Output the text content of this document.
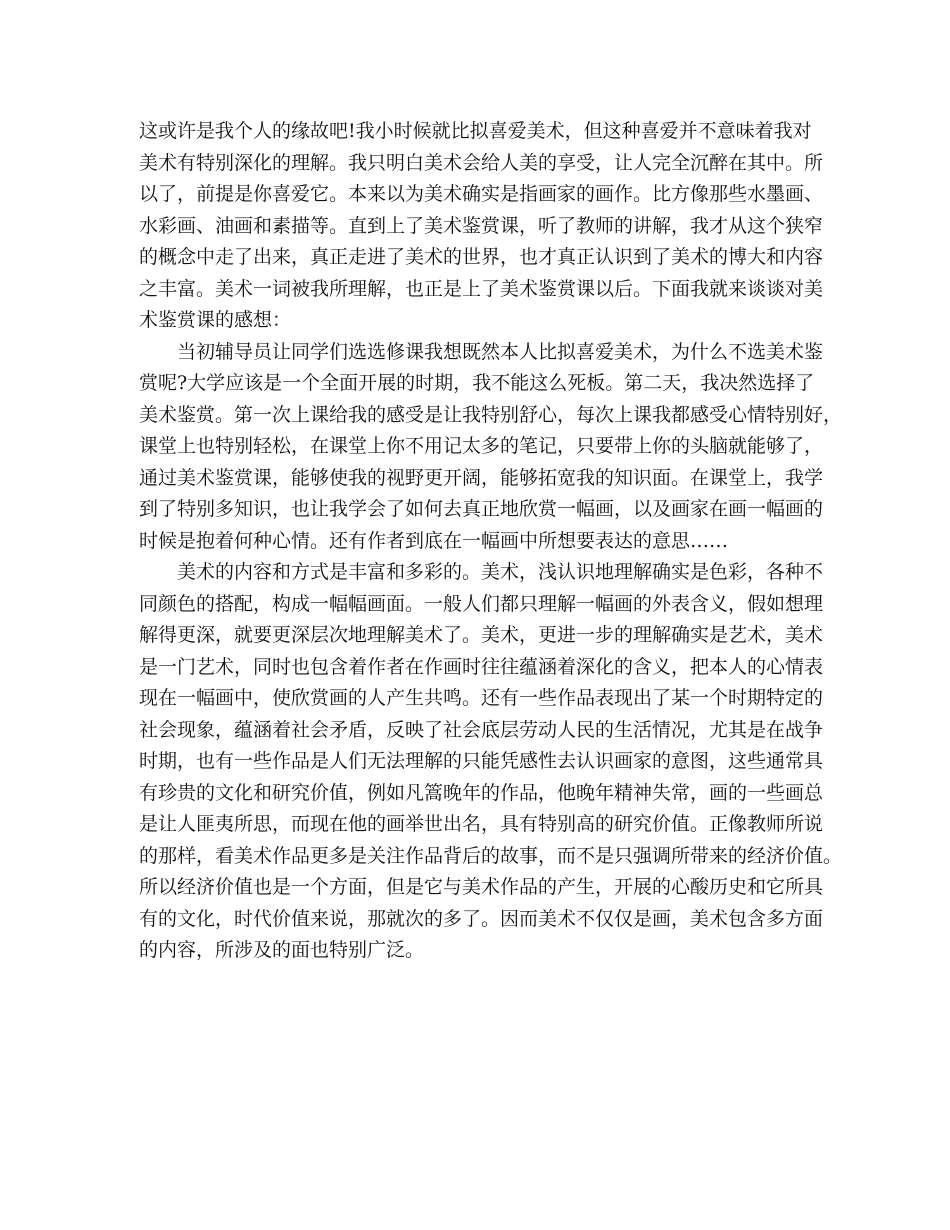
这或许是我个人的缘故吧!我小时候就比拟喜爱美术，但这种喜爱并不意味着我对
美术有特别深化的理解。我只明白美术会给人美的享受，让人完全沉醉在其中。所
以了，前提是你喜爱它。本来以为美术确实是指画家的画作。比方像那些水墨画、
水彩画、油画和素描等。直到上了美术鉴赏课，听了教师的讲解，我才从这个狭窄
的概念中走了出来，真正走进了美术的世界，也才真正认识到了美术的博大和内容
之丰富。美术一词被我所理解，也正是上了美术鉴赏课以后。下面我就来谈谈对美
术鉴赏课的感想：
当初辅导员让同学们选选修课我想既然本人比拟喜爱美术，为什么不选美术鉴
赏呢?大学应该是一个全面开展的时期，我不能这么死板。第二天，我决然选择了
美术鉴赏。第一次上课给我的感受是让我特别舒心，每次上课我都感受心情特别好，
课堂上也特别轻松，在课堂上你不用记太多的笔记，只要带上你的头脑就能够了，
通过美术鉴赏课，能够使我的视野更开阔，能够拓宽我的知识面。在课堂上，我学
到了特别多知识，也让我学会了如何去真正地欣赏一幅画，以及画家在画一幅画的
时候是抱着何种心情。还有作者到底在一幅画中所想要表达的意思……
美术的内容和方式是丰富和多彩的。美术，浅认识地理解确实是色彩，各种不
同颜色的搭配，构成一幅幅画面。一般人们都只理解一幅画的外表含义，假如想理
解得更深，就要更深层次地理解美术了。美术，更进一步的理解确实是艺术，美术
是一门艺术，同时也包含着作者在作画时往往蕴涵着深化的含义，把本人的心情表
现在一幅画中，使欣赏画的人产生共鸣。还有一些作品表现出了某一个时期特定的
社会现象，蕴涵着社会矛盾，反映了社会底层劳动人民的生活情况，尤其是在战争
时期，也有一些作品是人们无法理解的只能凭感性去认识画家的意图，这些通常具
有珍贵的文化和研究价值，例如凡篙晚年的作品，他晚年精神失常，画的一些画总
是让人匪夷所思，而现在他的画举世出名，具有特别高的研究价值。正像教师所说
的那样，看美术作品更多是关注作品背后的故事，而不是只强调所带来的经济价值。
所以经济价值也是一个方面，但是它与美术作品的产生，开展的心酸历史和它所具
有的文化，时代价值来说，那就次的多了。因而美术不仅仅是画，美术包含多方面
的内容，所涉及的面也特别广泛。
